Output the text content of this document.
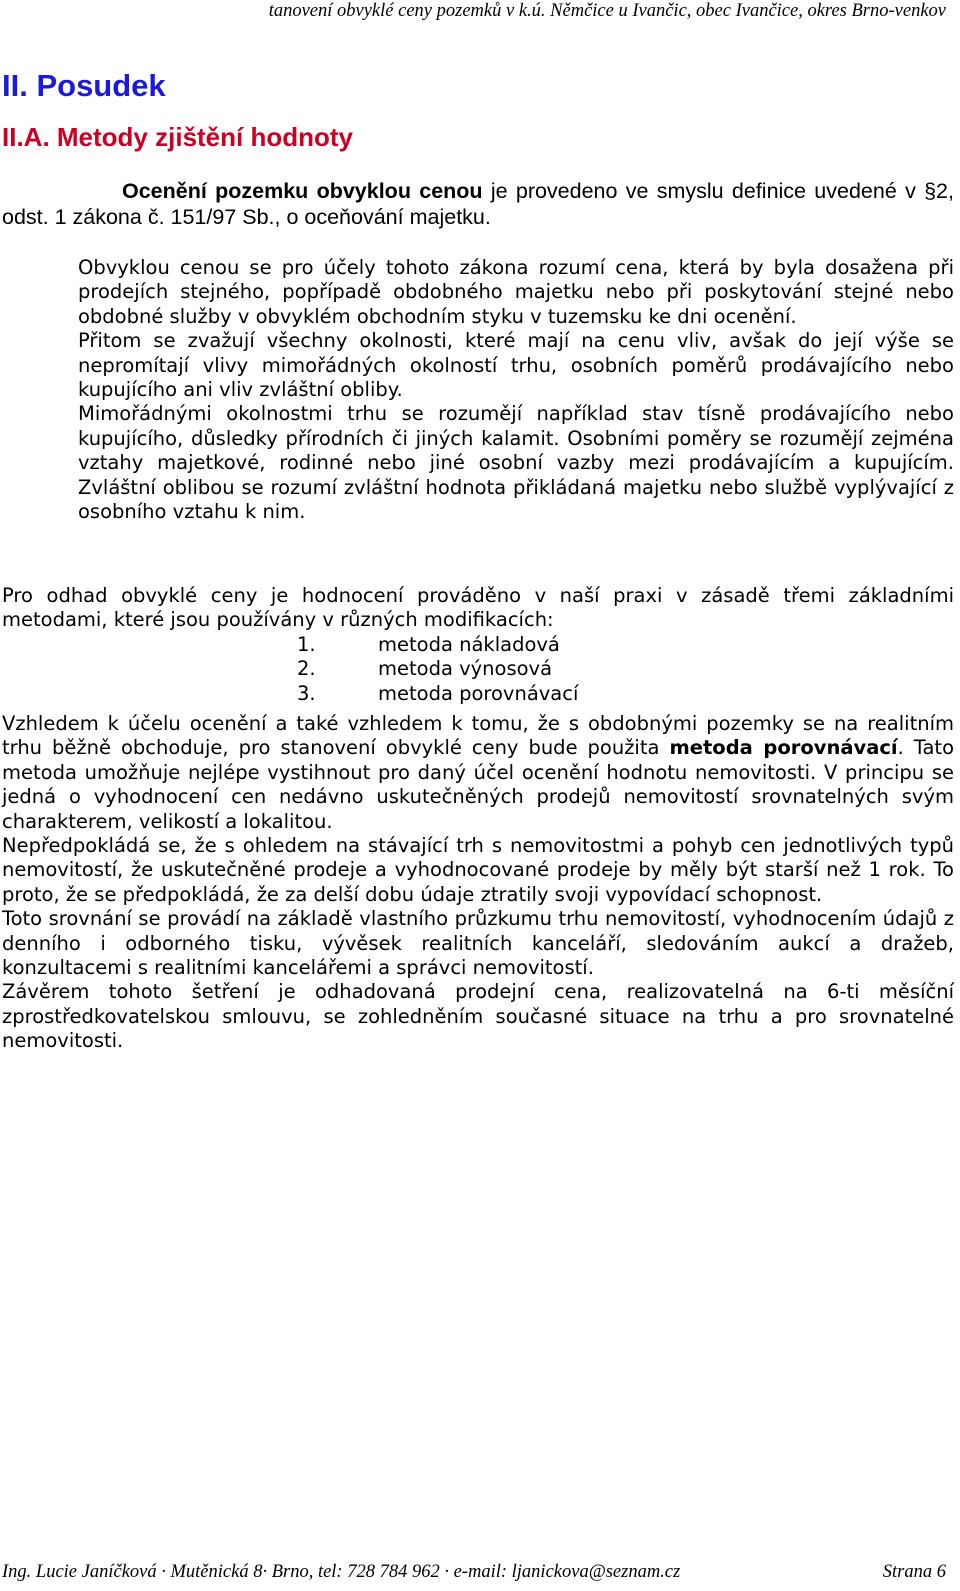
tanovení obvyklé ceny pozemků v k.ú. Němčice u Ivančic, obec Ivančice, okres Brno-venkov
II. Posudek
II.A. Metody zjištění hodnoty

Ocenění pozemku obvyklou cenou je provedeno ve smyslu definice uvedené v §2, odst. 1 zákona č. 151/97 Sb., o oceňování majetku.

Obvyklou cenou se pro účely tohoto zákona rozumí cena, která by byla dosažena při prodejích stejného, popřípadě obdobného majetku nebo při poskytování stejné nebo obdobné služby v obvyklém obchodním styku v tuzemsku ke dni ocenění.

Přitom se zvažují všechny okolnosti, které mají na cenu vliv, avšak do její výše se nepromítají vlivy mimořádných okolností trhu, osobních poměrů prodávajícího nebo kupujícího ani vliv zvláštní obliby.

Mimořádnými okolnostmi trhu se rozumějí například stav tísně prodávajícího nebo kupujícího, důsledky přírodních či jiných kalamit. Osobními poměry se rozumějí zejména vztahy majetkové, rodinné nebo jiné osobní vazby mezi prodávajícím a kupujícím. Zvláštní oblibou se rozumí zvláštní hodnota přikládaná majetku nebo službě vyplývající z osobního vztahu k nim.

Pro odhad obvyklé ceny je hodnocení prováděno v naší praxi v zásadě třemi základními metodami, které jsou používány v různých modifikacích:

1.	metoda nákladová
2.	metoda výnosová
3.	metoda porovnávací

Vzhledem k účelu ocenění a také vzhledem k tomu, že s obdobnými pozemky se na realitním trhu běžně obchoduje, pro stanovení obvyklé ceny bude použita metoda porovnávací. Tato metoda umožňuje nejlépe vystihnout pro daný účel ocenění hodnotu nemovitosti. V principu se jedná o vyhodnocení cen nedávno uskutečněných prodejů nemovitostí srovnatelných svým charakterem, velikostí a lokalitou.

Nepředpokládá se, že s ohledem na stávající trh s nemovitostmi a pohyb cen jednotlivých typů nemovitostí, že uskutečněné prodeje a vyhodnocované prodeje by měly být starší než 1 rok. To proto, že se předpokládá, že za delší dobu údaje ztratily svoji vypovídací schopnost.

Toto srovnání se provádí na základě vlastního průzkumu trhu nemovitostí, vyhodnocením údajů z denního i odborného tisku, vývěsek realitních kanceláří, sledováním aukcí a dražeb, konzultacemi s realitními kancelářemi a správci nemovitostí.

Závěrem tohoto šetření je odhadovaná prodejní cena, realizovatelná na 6-ti měsíční zprostředkovatelskou smlouvu, se zohledněním současné situace na trhu a pro srovnatelné nemovitosti.

Ing. Lucie Janíčková · Mutěnická 8· Brno, tel: 728 784 962 · e-mail: ljanickova@seznam.cz	Strana 6
